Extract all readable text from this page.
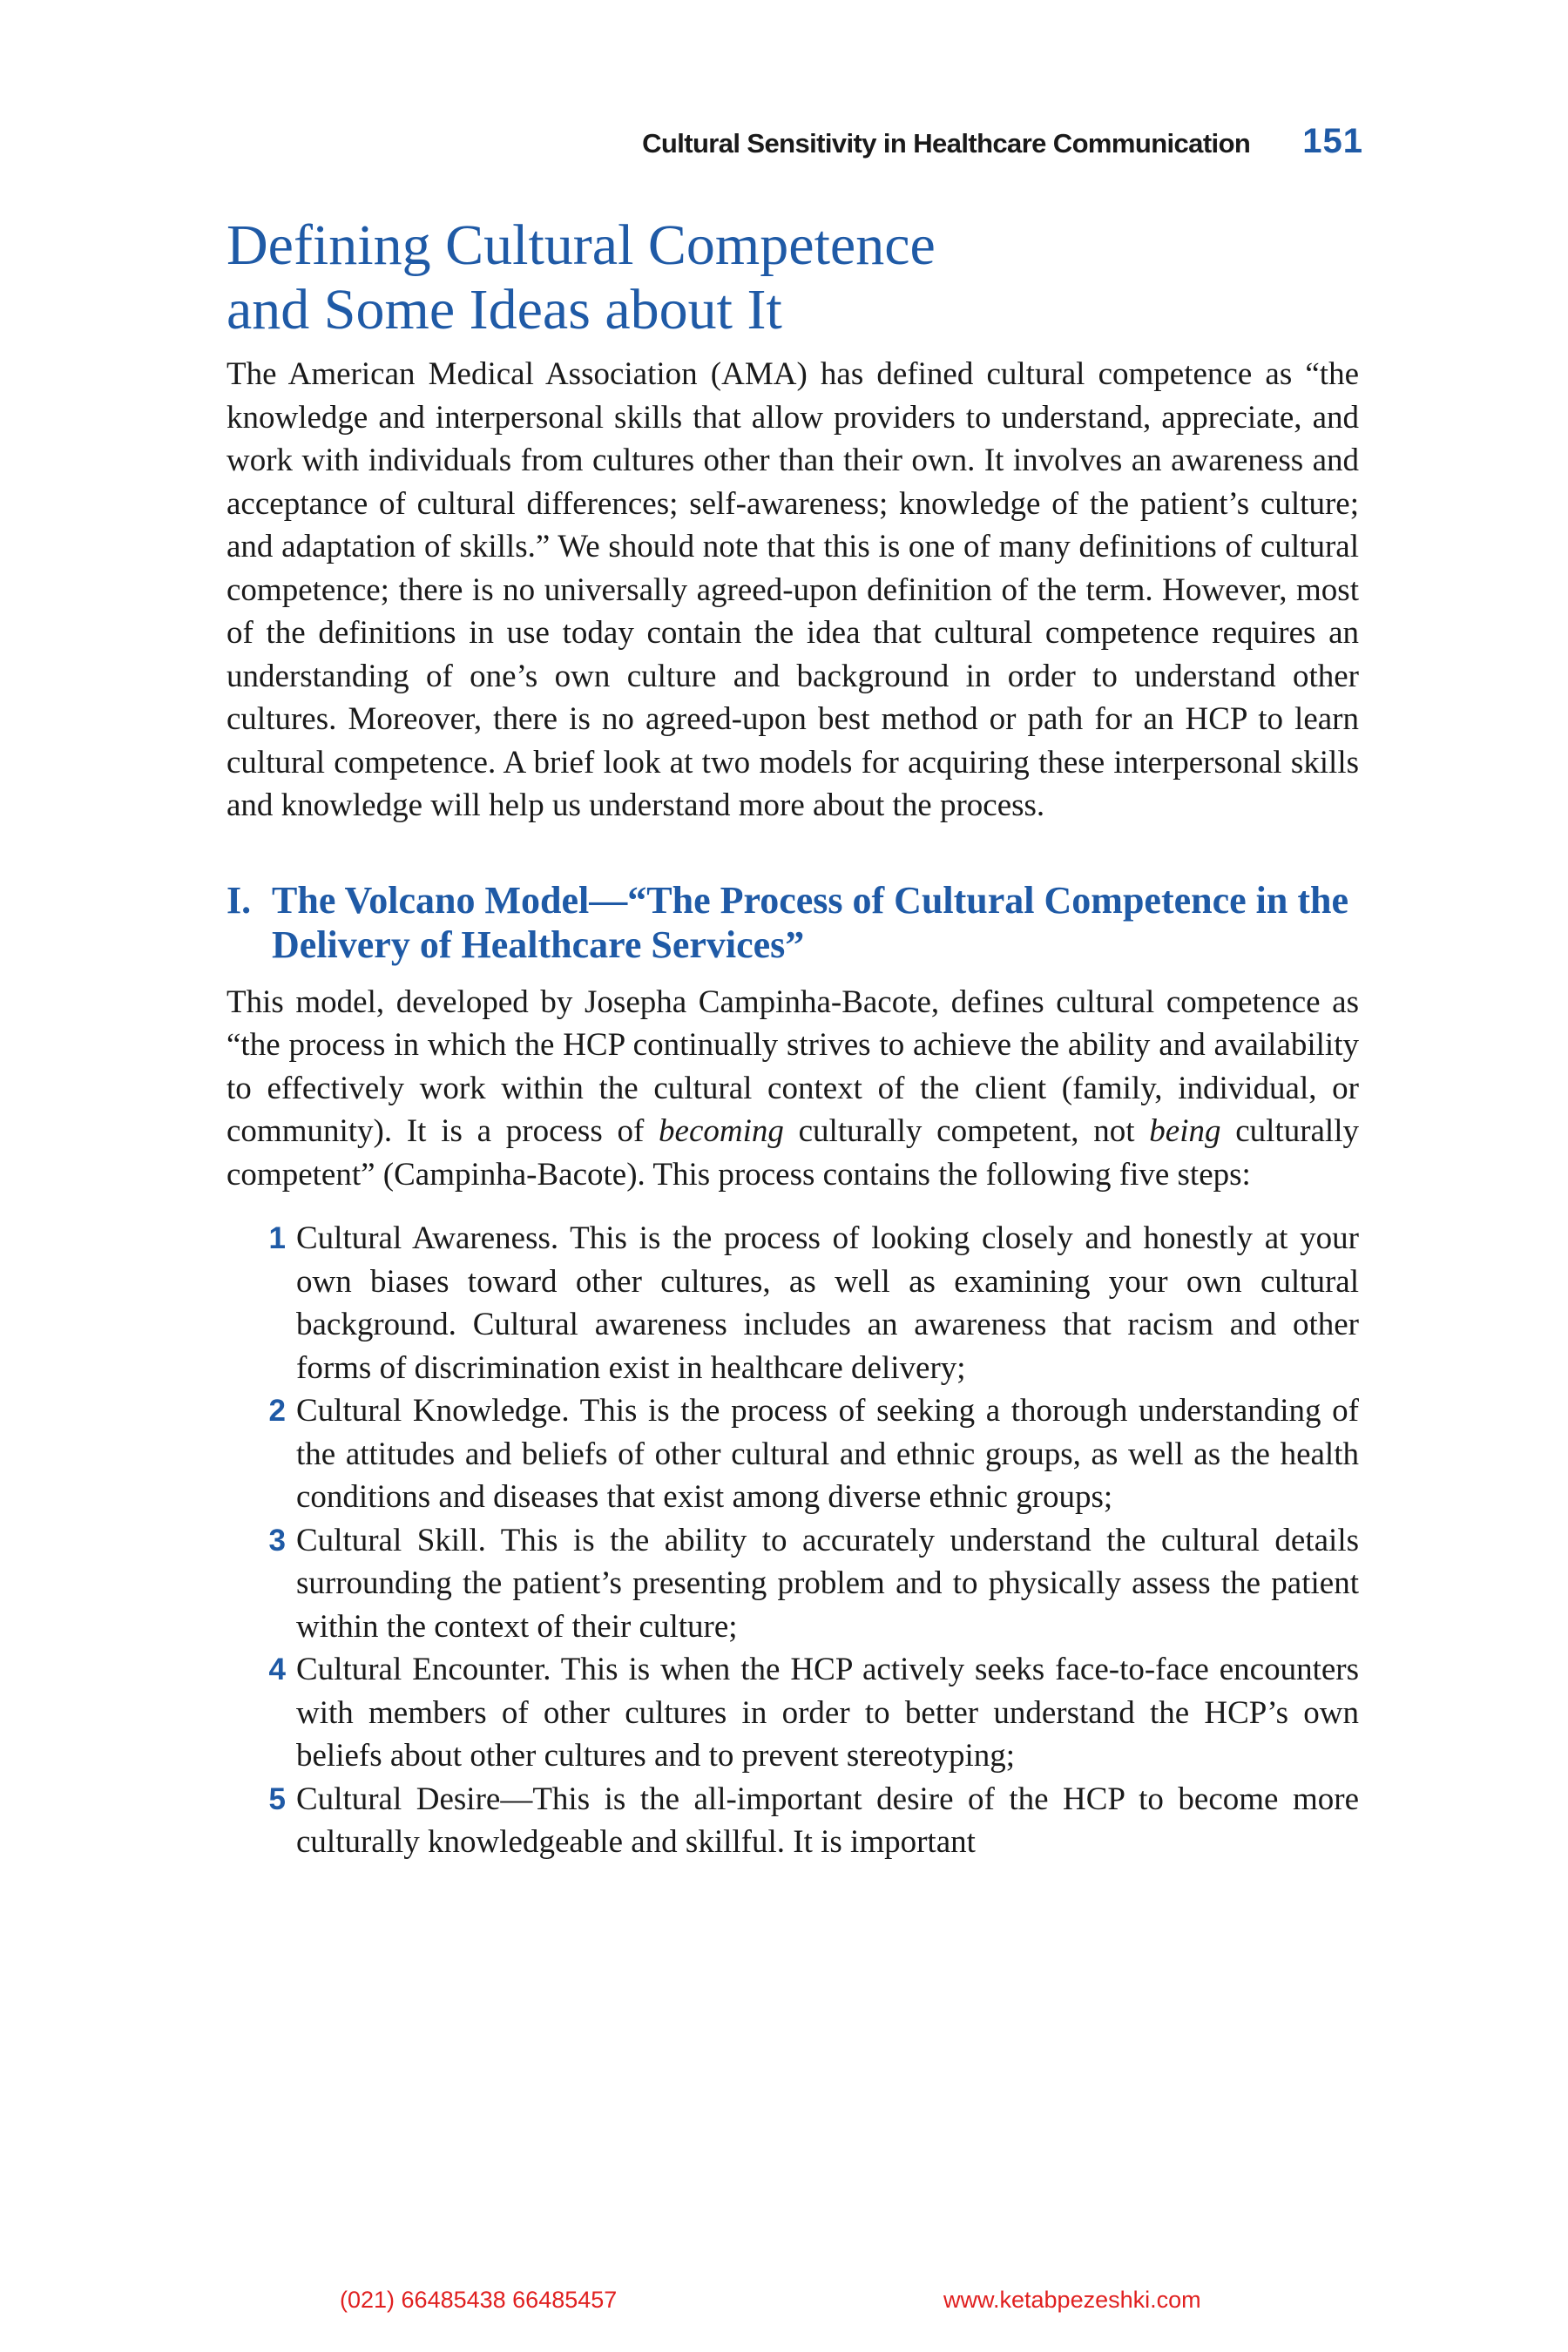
Cultural Sensitivity in Healthcare Communication 151
Defining Cultural Competence
and Some Ideas about It

The American Medical Association (AMA) has defined cultural competence as “the knowledge and interpersonal skills that allow providers to understand, appreciate, and work with individuals from cultures other than their own. It involves an awareness and acceptance of cultural differences; self-awareness; knowledge of the patient’s culture; and adaptation of skills.” We should note that this is one of many definitions of cultural competence; there is no universally agreed-upon definition of the term. However, most of the definitions in use today contain the idea that cultural competence requires an understanding of one’s own culture and background in order to understand other cultures. Moreover, there is no agreed-upon best method or path for an HCP to learn cultural competence. A brief look at two models for acquiring these interpersonal skills and knowledge will help us understand more about the process.

I. The Volcano Model—“The Process of Cultural Competence in the Delivery of Healthcare Services”

This model, developed by Josepha Campinha-Bacote, defines cultural competence as “the process in which the HCP continually strives to achieve the ability and availability to effectively work within the cultural context of the client (family, individual, or community). It is a process of becoming culturally competent, not being culturally competent” (Campinha-Bacote). This process contains the following five steps:

1 Cultural Awareness. This is the process of looking closely and honestly at your own biases toward other cultures, as well as examining your own cultural background. Cultural awareness includes an awareness that racism and other forms of discrimination exist in healthcare delivery;
2 Cultural Knowledge. This is the process of seeking a thorough understanding of the attitudes and beliefs of other cultural and ethnic groups, as well as the health conditions and diseases that exist among diverse ethnic groups;
3 Cultural Skill. This is the ability to accurately understand the cultural details surrounding the patient’s presenting problem and to physically assess the patient within the context of their culture;
4 Cultural Encounter. This is when the HCP actively seeks face-to-face encounters with members of other cultures in order to better understand the HCP’s own beliefs about other cultures and to prevent stereotyping;
5 Cultural Desire—This is the all-important desire of the HCP to become more culturally knowledgeable and skillful. It is important
(021) 66485438 66485457	www.ketabpezeshki.com
